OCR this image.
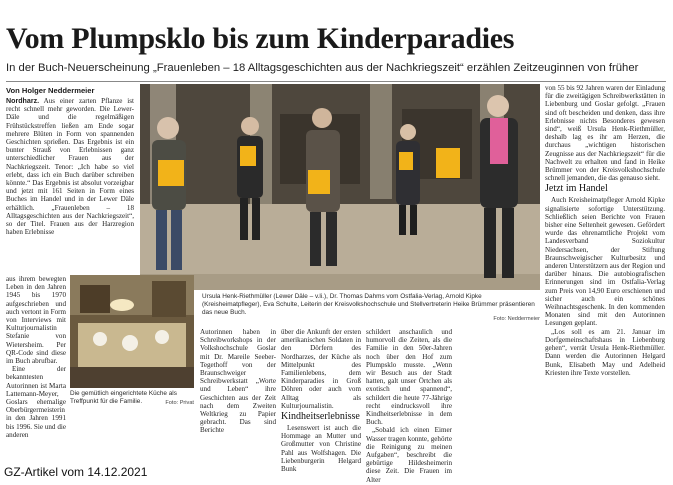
Vom Plumpsklo bis zum Kinderparadies
In der Buch-Neuerscheinung „Frauenleben – 18 Alltagsgeschichten aus der Nachkriegszeit“ erzählen Zeitzeuginnen von früher
Von Holger Neddermeier

Nordharz. Aus einer zarten Pflanze ist recht schnell mehr geworden. Die Lewer-Däle und die regelmäßigen Frühstückstreffen ließen am Ende sogar mehrere Blüten in Form von spannenden Geschichten sprießen. Das Ergebnis ist ein bunter Strauß von Erlebnissen ganz unterschiedlicher Frauen aus der Nachkriegszeit. Tenor: „Ich habe so viel erlebt, dass ich ein Buch darüber schreiben könnte.“ Das Ergebnis ist absolut vorzeigbar und jetzt mit 161 Seiten in Form eines Buches im Handel und in der Lewer Däle erhältlich. „Frauenleben – 18 Alltagsgeschichten aus der Nachkriegszeit“, so der Titel. Frauen aus der Harzregion haben Erlebnisse

aus ihrem bewegten Leben in den Jahren 1945 bis 1970 aufgeschrieben und auch vertont in Form von Interviews mit Kulturjournalistin Stefanie von Wietersheim. Per QR-Code sind diese im Buch abrufbar.

Eine der bekanntesten Autorinnen ist Marta Lattemann-Meyer, Goslars ehemalige Oberbürgermeisterin in den Jahren 1991 bis 1996. Sie und die anderen

Ursula Henk-Riethmüller (Lewer Däle – v.li.), Dr. Thomas Dahms vom Ostfalia-Verlag, Arnold Kipke (Kreisheimatpfleger), Eva Schulte, Leiterin der Kreisvolkshochschule und Stellvertreterin Heike Brümmer präsentieren das neue Buch.
Foto: Neddermeier
Die gemütlich eingerichtete Küche als Treffpunkt für die Familie.	Foto: Privat

Autorinnen haben in Schreibworkshops in der Volkshochschule Goslar mit Dr. Mareile Seeber-Tegethoff von der Braunschweiger Schreibwerkstatt „Worte und Leben“ ihre Geschichten aus der Zeit nach dem Zweiten Weltkrieg zu Papier gebracht. Das sind Berichte

über die Ankunft der ersten amerikanischen Soldaten in den Dörfern des Nordharzes, der Küche als Mittelpunkt des Familienlebens, dem Kinderparadies in Groß Döhren oder auch vom Alltag als Kulturjournalistin.

Kindheitserlebnisse

Lesenswert ist auch die Hommage an Mutter und Großmutter von Christine Pahl aus Wolfshagen. Die Liebenburgerin Helgard Bunk

schildert anschaulich und humorvoll die Zeiten, als die Familie in den 50er-Jahren noch über den Hof zum Plumpsklo musste. „Wenn wir Besuch aus der Stadt hatten, galt unser Örtchen als exotisch und spannend“, schildert die heute 77-Jährige recht eindrucksvoll ihre Kindheitserlebnisse in dem Buch.

„Sobald ich einen Eimer Wasser tragen konnte, gehörte die Reinigung zu meinen Aufgaben“, beschreibt die gebürtige Hildesheimerin diese Zeit. Die Frauen im Alter

von 55 bis 92 Jahren waren der Einladung für die zweitägigen Schreibwerkstätten in Liebenburg und Goslar gefolgt. „Frauen sind oft bescheiden und denken, dass ihre Erlebnisse nichts Besonderes gewesen sind“, weiß Ursula Henk-Riethmüller, deshalb lag es ihr am Herzen, die durchaus „wichtigen historischen Zeugnisse aus der Nachkriegszeit“ für die Nachwelt zu erhalten und fand in Heike Brümmer von der Kreisvolkshochschule schnell jemanden, die das genauso sieht.

Jetzt im Handel

Auch Kreisheimatpfleger Arnold Kipke signalisierte sofortige Unterstützung. Schließlich seien Berichte von Frauen bisher eine Seltenheit gewesen. Gefördert wurde das ehrenamtliche Projekt vom Landesverband Soziokultur Niedersachsen, der Stiftung Braunschweigischer Kulturbesitz und anderen Unterstützern aus der Region und darüber hinaus. Die autobiografischen Erinnerungen sind im Ostfalia-Verlag zum Preis von 14,90 Euro erschienen und sicher auch ein schönes Weihnachtsgeschenk. In den kommenden Monaten sind mit den Autorinnen Lesungen geplant.

„Los soll es am 21. Januar im Dorfgemeinschaftshaus in Liebenburg gehen“, verrät Ursula Henk-Riethmüller. Dann werden die Autorinnen Helgard Bunk, Elisabeth May und Adelheid Kriesten ihre Texte vorstellen.

GZ-Artikel vom 14.12.2021
